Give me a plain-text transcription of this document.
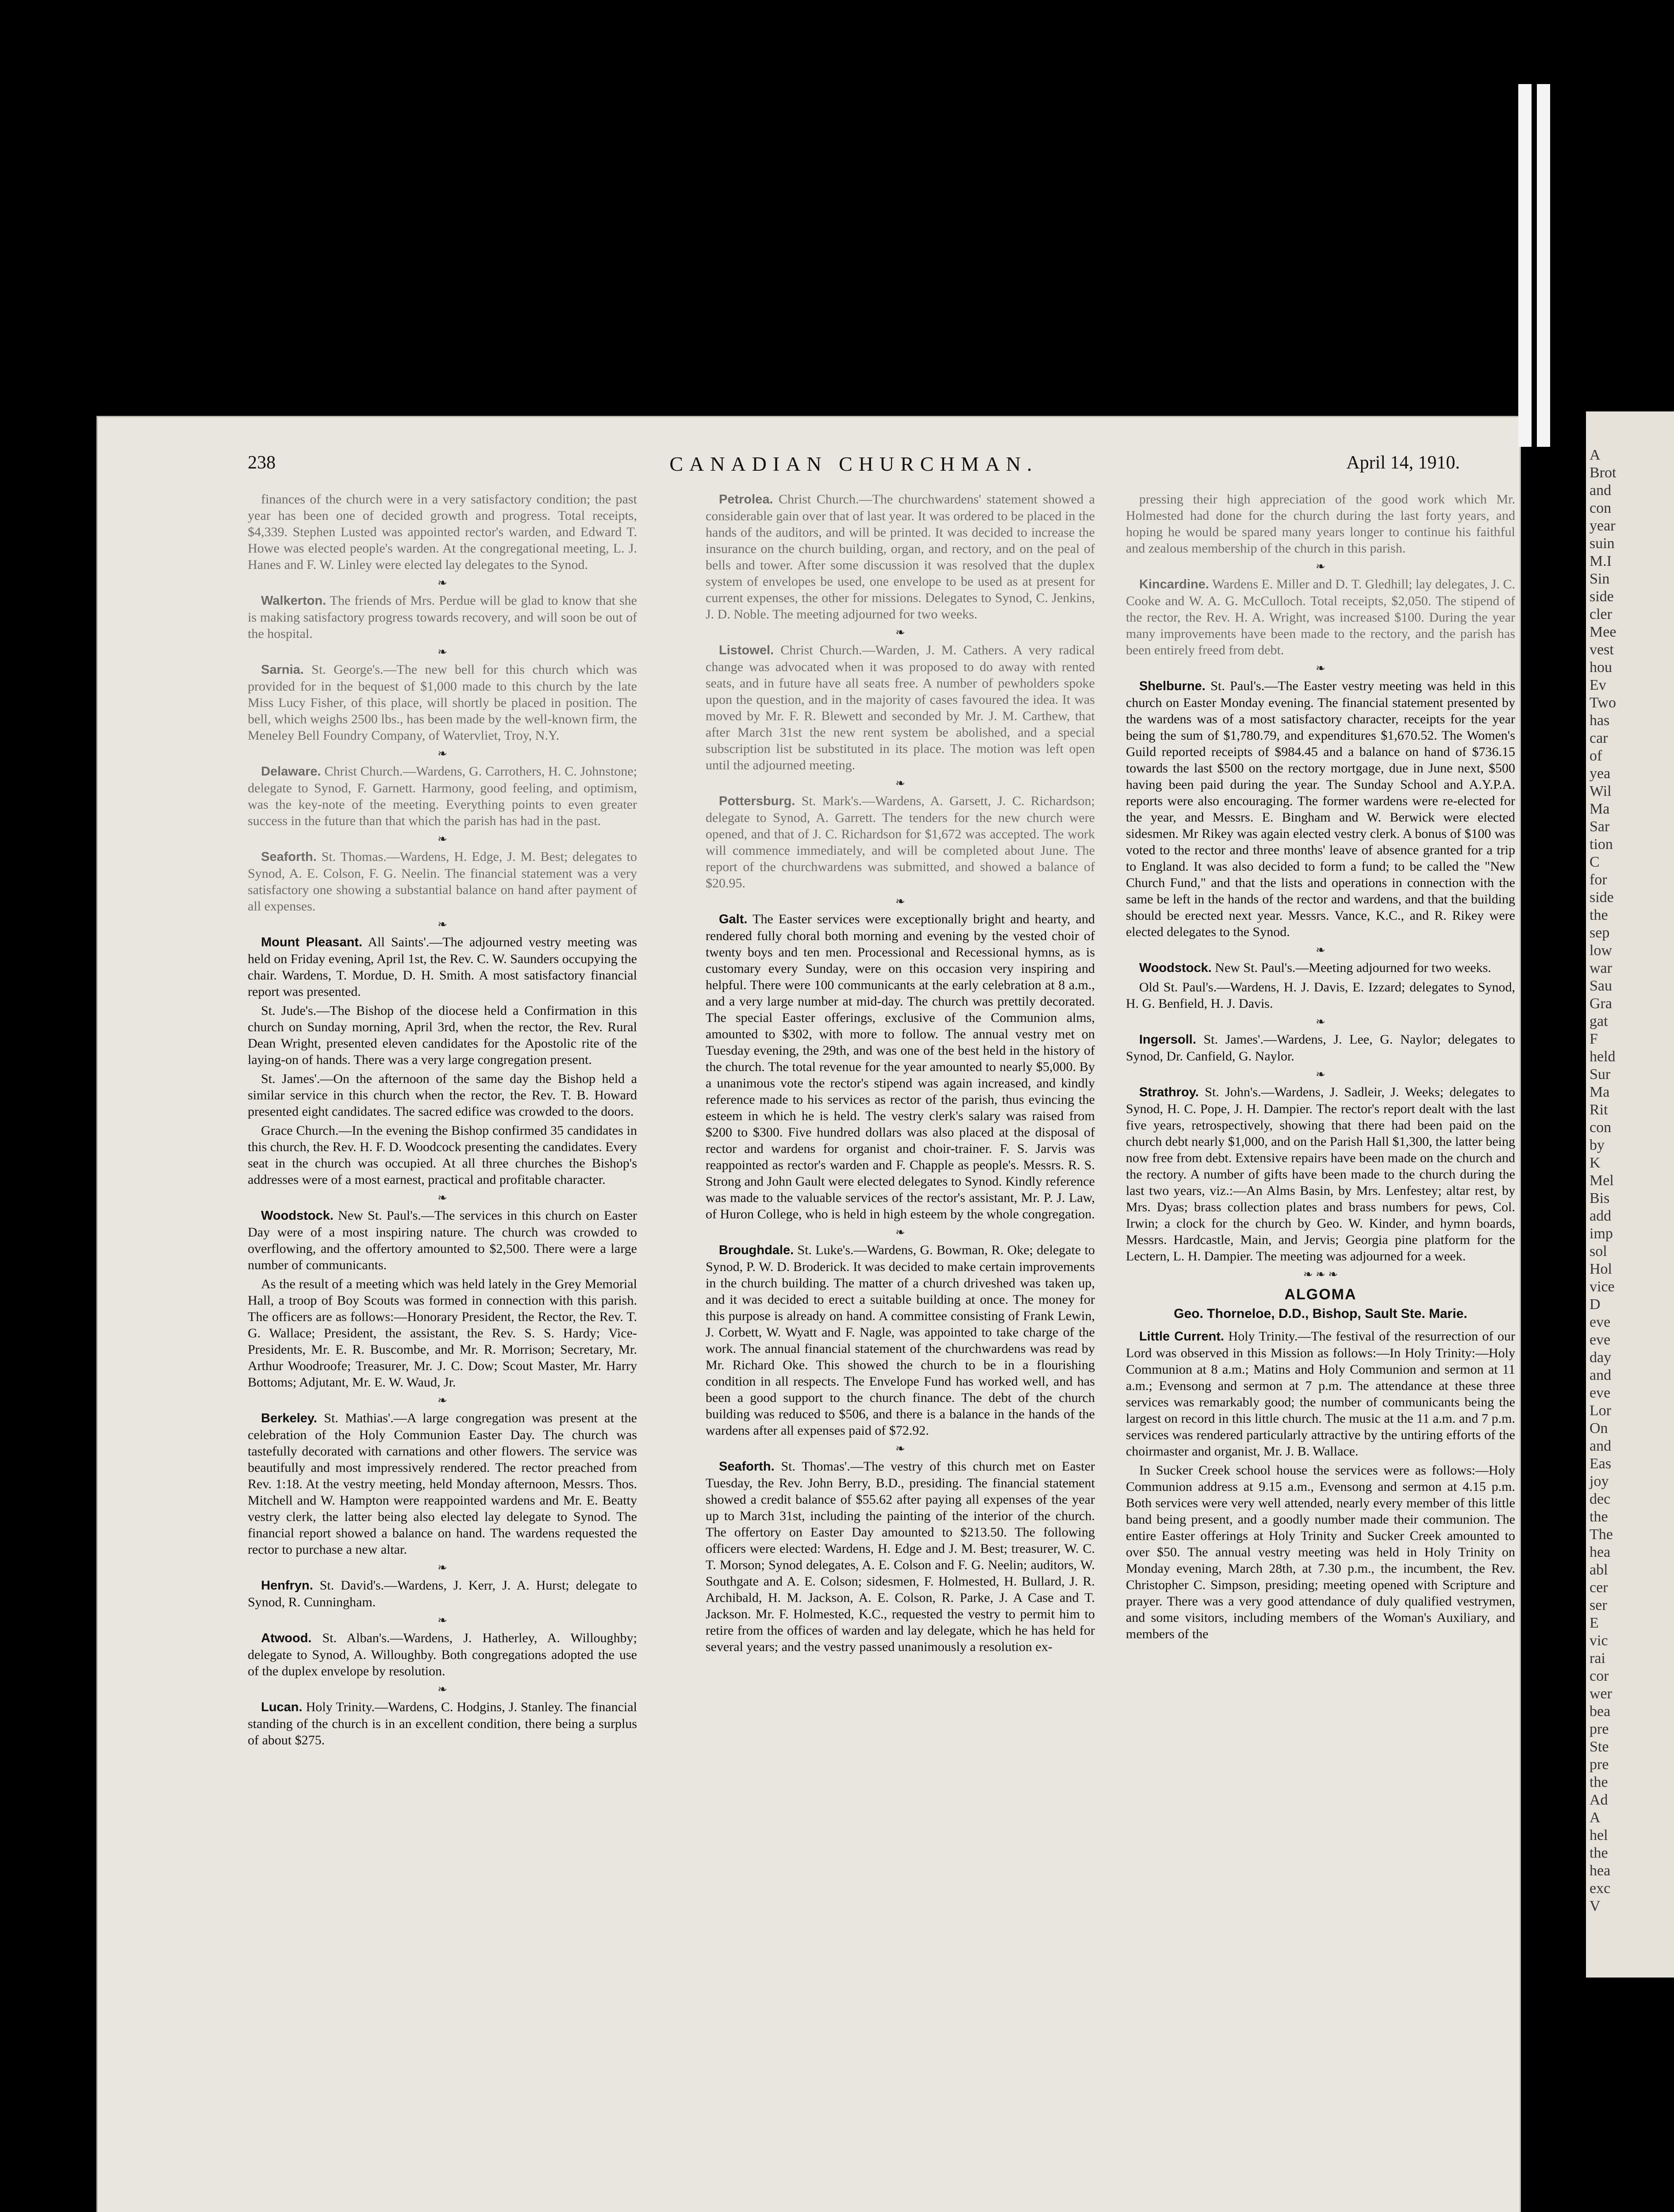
A
Brot
and
con
year
suin
M.I
Sin
side
cler
Mee
vest
hou
Ev
Two
has
car
of
yea
Wil
Ma
Sar
tion
C
for
side
the
sep
low
war
Sau
Gra
gat
F
held
Sur
Ma
Rit
con
by
K
Mel
Bis
add
imp
sol
Hol
vice
D
eve
eve
day
and
eve
Lor
On
and
Eas
joy
dec
the
The
hea
abl
cer
ser
E
vic
rai
cor
wer
bea
pre
Ste
pre
the
Ad
A
hel
the
hea
exc
V
238	CANADIAN CHURCHMAN.	April 14, 1910.

finances of the church were in a very satisfactory condition; the past year has been one of decided growth and progress. Total receipts, $4,339. Stephen Lusted was appointed rector's warden, and Edward T. Howe was elected people's warden. At the congregational meeting, L. J. Hanes and F. W. Linley were elected lay delegates to the Synod.

❧

Walkerton. The friends of Mrs. Perdue will be glad to know that she is making satisfactory progress towards recovery, and will soon be out of the hospital.

❧

Sarnia. St. George's.—The new bell for this church which was provided for in the bequest of $1,000 made to this church by the late Miss Lucy Fisher, of this place, will shortly be placed in position. The bell, which weighs 2500 lbs., has been made by the well-known firm, the Meneley Bell Foundry Company, of Watervliet, Troy, N.Y.

❧

Delaware. Christ Church.—Wardens, G. Carrothers, H. C. Johnstone; delegate to Synod, F. Garnett. Harmony, good feeling, and optimism, was the key-note of the meeting. Everything points to even greater success in the future than that which the parish has had in the past.

❧

Seaforth. St. Thomas.—Wardens, H. Edge, J. M. Best; delegates to Synod, A. E. Colson, F. G. Neelin. The financial statement was a very satisfactory one showing a substantial balance on hand after payment of all expenses.

❧

Mount Pleasant. All Saints'.—The adjourned vestry meeting was held on Friday evening, April 1st, the Rev. C. W. Saunders occupying the chair. Wardens, T. Mordue, D. H. Smith. A most satisfactory financial report was presented.

St. Jude's.—The Bishop of the diocese held a Confirmation in this church on Sunday morning, April 3rd, when the rector, the Rev. Rural Dean Wright, presented eleven candidates for the Apostolic rite of the laying-on of hands. There was a very large congregation present.

St. James'.—On the afternoon of the same day the Bishop held a similar service in this church when the rector, the Rev. T. B. Howard presented eight candidates. The sacred edifice was crowded to the doors.

Grace Church.—In the evening the Bishop confirmed 35 candidates in this church, the Rev. H. F. D. Woodcock presenting the candidates. Every seat in the church was occupied. At all three churches the Bishop's addresses were of a most earnest, practical and profitable character.

❧

Woodstock. New St. Paul's.—The services in this church on Easter Day were of a most inspiring nature. The church was crowded to overflowing, and the offertory amounted to $2,500. There were a large number of communicants.

As the result of a meeting which was held lately in the Grey Memorial Hall, a troop of Boy Scouts was formed in connection with this parish. The officers are as follows:—Honorary President, the Rector, the Rev. T. G. Wallace; President, the assistant, the Rev. S. S. Hardy; Vice-Presidents, Mr. E. R. Buscombe, and Mr. R. Morrison; Secretary, Mr. Arthur Woodroofe; Treasurer, Mr. J. C. Dow; Scout Master, Mr. Harry Bottoms; Adjutant, Mr. E. W. Waud, Jr.

❧

Berkeley. St. Mathias'.—A large congregation was present at the celebration of the Holy Communion Easter Day. The church was tastefully decorated with carnations and other flowers. The service was beautifully and most impressively rendered. The rector preached from Rev. 1:18. At the vestry meeting, held Monday afternoon, Messrs. Thos. Mitchell and W. Hampton were reappointed wardens and Mr. E. Beatty vestry clerk, the latter being also elected lay delegate to Synod. The financial report showed a balance on hand. The wardens requested the rector to purchase a new altar.

❧

Henfryn. St. David's.—Wardens, J. Kerr, J. A. Hurst; delegate to Synod, R. Cunningham.

❧

Atwood. St. Alban's.—Wardens, J. Hatherley, A. Willoughby; delegate to Synod, A. Willoughby. Both congregations adopted the use of the duplex envelope by resolution.

❧

Lucan. Holy Trinity.—Wardens, C. Hodgins, J. Stanley. The financial standing of the church is in an excellent condition, there being a surplus of about $275.

Petrolea. Christ Church.—The churchwardens' statement showed a considerable gain over that of last year. It was ordered to be placed in the hands of the auditors, and will be printed. It was decided to increase the insurance on the church building, organ, and rectory, and on the peal of bells and tower. After some discussion it was resolved that the duplex system of envelopes be used, one envelope to be used as at present for current expenses, the other for missions. Delegates to Synod, C. Jenkins, J. D. Noble. The meeting adjourned for two weeks.

❧

Listowel. Christ Church.—Warden, J. M. Cathers. A very radical change was advocated when it was proposed to do away with rented seats, and in future have all seats free. A number of pewholders spoke upon the question, and in the majority of cases favoured the idea. It was moved by Mr. F. R. Blewett and seconded by Mr. J. M. Carthew, that after March 31st the new rent system be abolished, and a special subscription list be substituted in its place. The motion was left open until the adjourned meeting.

❧

Pottersburg. St. Mark's.—Wardens, A. Garsett, J. C. Richardson; delegate to Synod, A. Garrett. The tenders for the new church were opened, and that of J. C. Richardson for $1,672 was accepted. The work will commence immediately, and will be completed about June. The report of the churchwardens was submitted, and showed a balance of $20.95.

❧

Galt. The Easter services were exceptionally bright and hearty, and rendered fully choral both morning and evening by the vested choir of twenty boys and ten men. Processional and Recessional hymns, as is customary every Sunday, were on this occasion very inspiring and helpful. There were 100 communicants at the early celebration at 8 a.m., and a very large number at mid-day. The church was prettily decorated. The special Easter offerings, exclusive of the Communion alms, amounted to $302, with more to follow. The annual vestry met on Tuesday evening, the 29th, and was one of the best held in the history of the church. The total revenue for the year amounted to nearly $5,000. By a unanimous vote the rector's stipend was again increased, and kindly reference made to his services as rector of the parish, thus evincing the esteem in which he is held. The vestry clerk's salary was raised from $200 to $300. Five hundred dollars was also placed at the disposal of rector and wardens for organist and choir-trainer. F. S. Jarvis was reappointed as rector's warden and F. Chapple as people's. Messrs. R. S. Strong and John Gault were elected delegates to Synod. Kindly reference was made to the valuable services of the rector's assistant, Mr. P. J. Law, of Huron College, who is held in high esteem by the whole congregation.

❧

Broughdale. St. Luke's.—Wardens, G. Bowman, R. Oke; delegate to Synod, P. W. D. Broderick. It was decided to make certain improvements in the church building. The matter of a church driveshed was taken up, and it was decided to erect a suitable building at once. The money for this purpose is already on hand. A committee consisting of Frank Lewin, J. Corbett, W. Wyatt and F. Nagle, was appointed to take charge of the work. The annual financial statement of the churchwardens was read by Mr. Richard Oke. This showed the church to be in a flourishing condition in all respects. The Envelope Fund has worked well, and has been a good support to the church finance. The debt of the church building was reduced to $506, and there is a balance in the hands of the wardens after all expenses paid of $72.92.

❧

Seaforth. St. Thomas'.—The vestry of this church met on Easter Tuesday, the Rev. John Berry, B.D., presiding. The financial statement showed a credit balance of $55.62 after paying all expenses of the year up to March 31st, including the painting of the interior of the church. The offertory on Easter Day amounted to $213.50. The following officers were elected: Wardens, H. Edge and J. M. Best; treasurer, W. C. T. Morson; Synod delegates, A. E. Colson and F. G. Neelin; auditors, W. Southgate and A. E. Colson; sidesmen, F. Holmested, H. Bullard, J. R. Archibald, H. M. Jackson, A. E. Colson, R. Parke, J. A Case and T. Jackson. Mr. F. Holmested, K.C., requested the vestry to permit him to retire from the offices of warden and lay delegate, which he has held for several years; and the vestry passed unanimously a resolution ex-

pressing their high appreciation of the good work which Mr. Holmested had done for the church during the last forty years, and hoping he would be spared many years longer to continue his faithful and zealous membership of the church in this parish.

❧

Kincardine. Wardens E. Miller and D. T. Gledhill; lay delegates, J. C. Cooke and W. A. G. McCulloch. Total receipts, $2,050. The stipend of the rector, the Rev. H. A. Wright, was increased $100. During the year many improvements have been made to the rectory, and the parish has been entirely freed from debt.

❧

Shelburne. St. Paul's.—The Easter vestry meeting was held in this church on Easter Monday evening. The financial statement presented by the wardens was of a most satisfactory character, receipts for the year being the sum of $1,780.79, and expenditures $1,670.52. The Women's Guild reported receipts of $984.45 and a balance on hand of $736.15 towards the last $500 on the rectory mortgage, due in June next, $500 having been paid during the year. The Sunday School and A.Y.P.A. reports were also encouraging. The former wardens were re-elected for the year, and Messrs. E. Bingham and W. Berwick were elected sidesmen. Mr Rikey was again elected vestry clerk. A bonus of $100 was voted to the rector and three months' leave of absence granted for a trip to England. It was also decided to form a fund; to be called the "New Church Fund," and that the lists and operations in connection with the same be left in the hands of the rector and wardens, and that the building should be erected next year. Messrs. Vance, K.C., and R. Rikey were elected delegates to the Synod.

❧

Woodstock. New St. Paul's.—Meeting adjourned for two weeks.

Old St. Paul's.—Wardens, H. J. Davis, E. Izzard; delegates to Synod, H. G. Benfield, H. J. Davis.

❧

Ingersoll. St. James'.—Wardens, J. Lee, G. Naylor; delegates to Synod, Dr. Canfield, G. Naylor.

❧

Strathroy. St. John's.—Wardens, J. Sadleir, J. Weeks; delegates to Synod, H. C. Pope, J. H. Dampier. The rector's report dealt with the last five years, retrospectively, showing that there had been paid on the church debt nearly $1,000, and on the Parish Hall $1,300, the latter being now free from debt. Extensive repairs have been made on the church and the rectory. A number of gifts have been made to the church during the last two years, viz.:—An Alms Basin, by Mrs. Lenfestey; altar rest, by Mrs. Dyas; brass collection plates and brass numbers for pews, Col. Irwin; a clock for the church by Geo. W. Kinder, and hymn boards, Messrs. Hardcastle, Main, and Jervis; Georgia pine platform for the Lectern, L. H. Dampier. The meeting was adjourned for a week.

❧ ❧ ❧
ALGOMA
Geo. Thorneloe, D.D., Bishop, Sault Ste. Marie.

Little Current. Holy Trinity.—The festival of the resurrection of our Lord was observed in this Mission as follows:—In Holy Trinity:—Holy Communion at 8 a.m.; Matins and Holy Communion and sermon at 11 a.m.; Evensong and sermon at 7 p.m. The attendance at these three services was remarkably good; the number of communicants being the largest on record in this little church. The music at the 11 a.m. and 7 p.m. services was rendered particularly attractive by the untiring efforts of the choirmaster and organist, Mr. J. B. Wallace.

In Sucker Creek school house the services were as follows:—Holy Communion address at 9.15 a.m., Evensong and sermon at 4.15 p.m. Both services were very well attended, nearly every member of this little band being present, and a goodly number made their communion. The entire Easter offerings at Holy Trinity and Sucker Creek amounted to over $50. The annual vestry meeting was held in Holy Trinity on Monday evening, March 28th, at 7.30 p.m., the incumbent, the Rev. Christopher C. Simpson, presiding; meeting opened with Scripture and prayer. There was a very good attendance of duly qualified vestrymen, and some visitors, including members of the Woman's Auxiliary, and members of the
